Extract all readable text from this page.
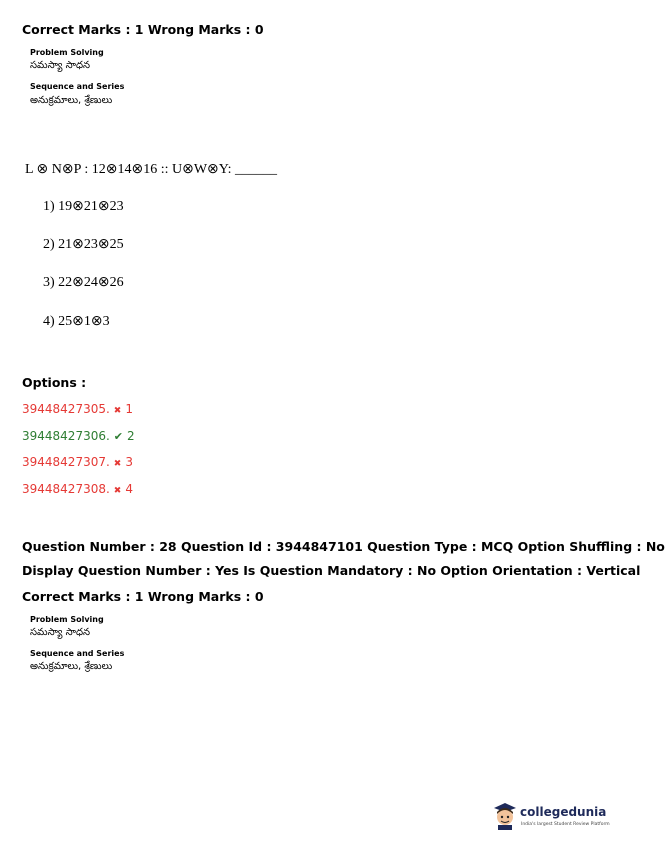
Correct Marks : 1 Wrong Marks : 0
Problem Solving
సమస్యా సాధన
Sequence and Series
అనుక్రమాలు, శ్రేణులు
L ⊗ N⊗P : 12⊗14⊗16 :: U⊗W⊗Y: ______
1) 19⊗21⊗23
2) 21⊗23⊗25
3) 22⊗24⊗26
4) 25⊗1⊗3
Options :
39448427305. ✖ 1
39448427306. ✔ 2
39448427307. ✖ 3
39448427308. ✖ 4
Question Number : 28 Question Id : 3944847101 Question Type : MCQ Option Shuffling : No
Display Question Number : Yes Is Question Mandatory : No Option Orientation : Vertical
Correct Marks : 1 Wrong Marks : 0
Problem Solving
సమస్యా సాధన
Sequence and Series
అనుక్రమాలు, శ్రేణులు
collegedunia
India's largest Student Review Platform
